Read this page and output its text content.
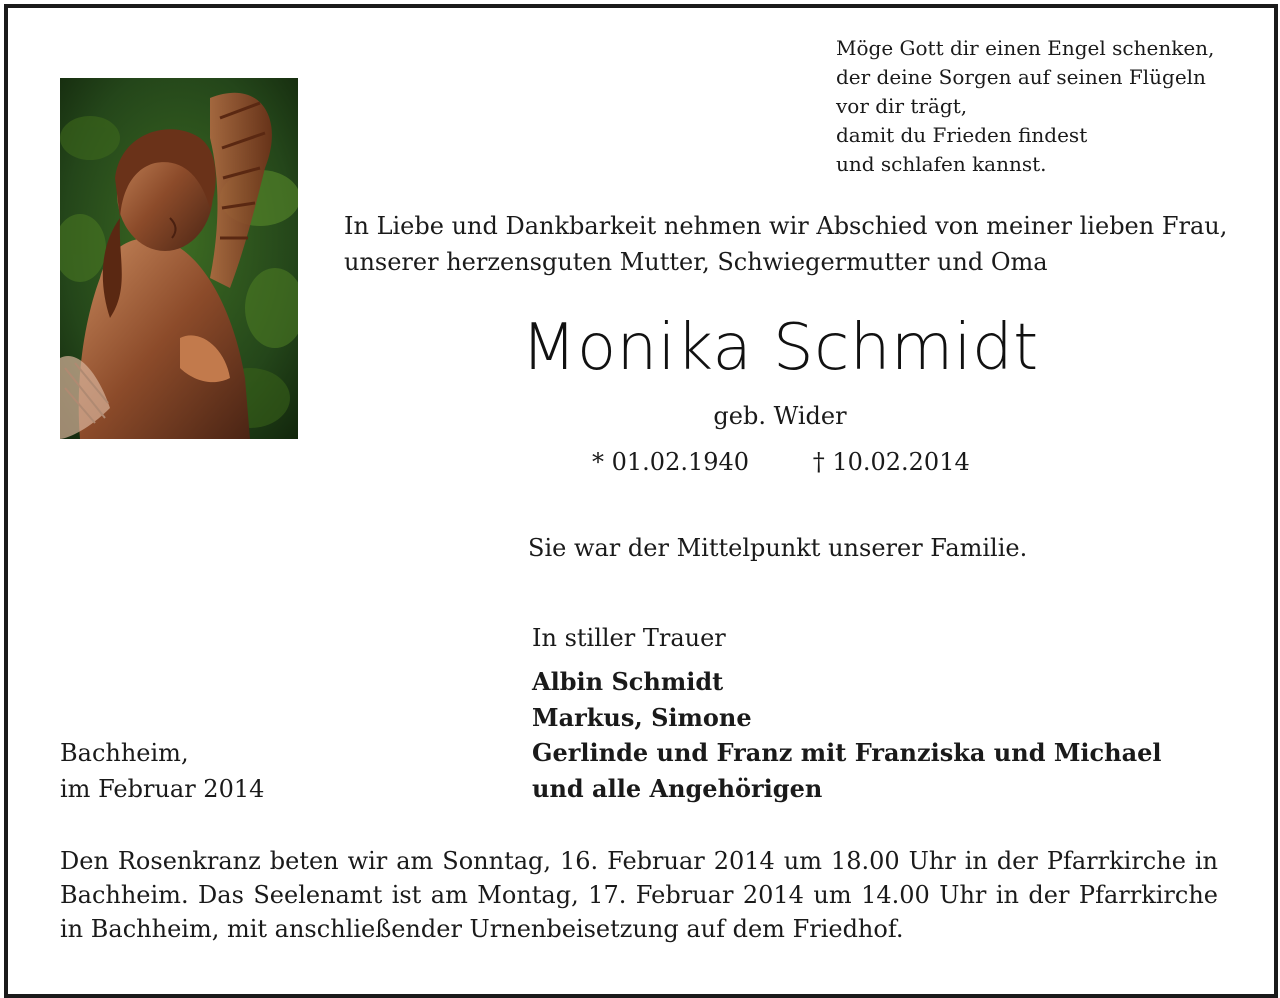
Möge Gott dir einen Engel schenken,
der deine Sorgen auf seinen Flügeln
vor dir trägt,
damit du Frieden findest
und schlafen kannst.
In Liebe und Dankbarkeit nehmen wir Abschied von meiner lieben Frau,
unserer herzensguten Mutter, Schwiegermutter und Oma
Monika Schmidt
geb. Wider
* 01.02.1940	† 10.02.2014
Sie war der Mittelpunkt unserer Familie.
In stiller Trauer
Albin Schmidt
Markus, Simone
Gerlinde und Franz mit Franziska und Michael
und alle Angehörigen
Bachheim,
im Februar 2014
Den Rosenkranz beten wir am Sonntag, 16. Februar 2014 um 18.00 Uhr in der Pfarrkirche in Bachheim. Das Seelenamt ist am Montag, 17. Februar 2014 um 14.00 Uhr in der Pfarrkirche in Bachheim, mit anschließender Urnenbeisetzung auf dem Friedhof.
